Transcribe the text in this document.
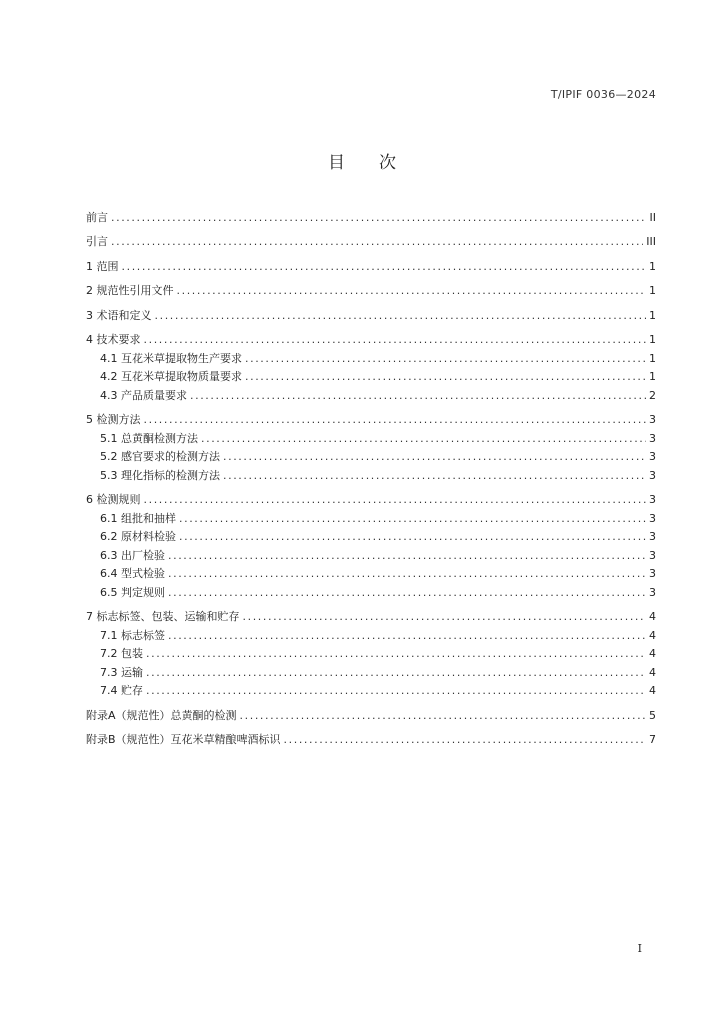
T/IPIF 0036—2024
目次
前言 .....	II
引言 .....	III
1 范围 .....	1
2 规范性引用文件 .....	1
3 术语和定义 .....	1
4 技术要求 .....	1
4.1 互花米草提取物生产要求 .....	1
4.2 互花米草提取物质量要求 .....	1
4.3 产品质量要求 .....	2
5 检测方法 .....	3
5.1 总黄酮检测方法 .....	3
5.2 感官要求的检测方法 .....	3
5.3 理化指标的检测方法 .....	3
6 检测规则 .....	3
6.1 组批和抽样 .....	3
6.2 原材料检验 .....	3
6.3 出厂检验 .....	3
6.4 型式检验 .....	3
6.5 判定规则 .....	3
7 标志标签、包装、运输和贮存 .....	4
7.1 标志标签 .....	4
7.2 包装 .....	4
7.3 运输 .....	4
7.4 贮存 .....	4
附录A（规范性）总黄酮的检测 .....	5
附录B（规范性）互花米草精酿啤酒标识 .....	7
I
